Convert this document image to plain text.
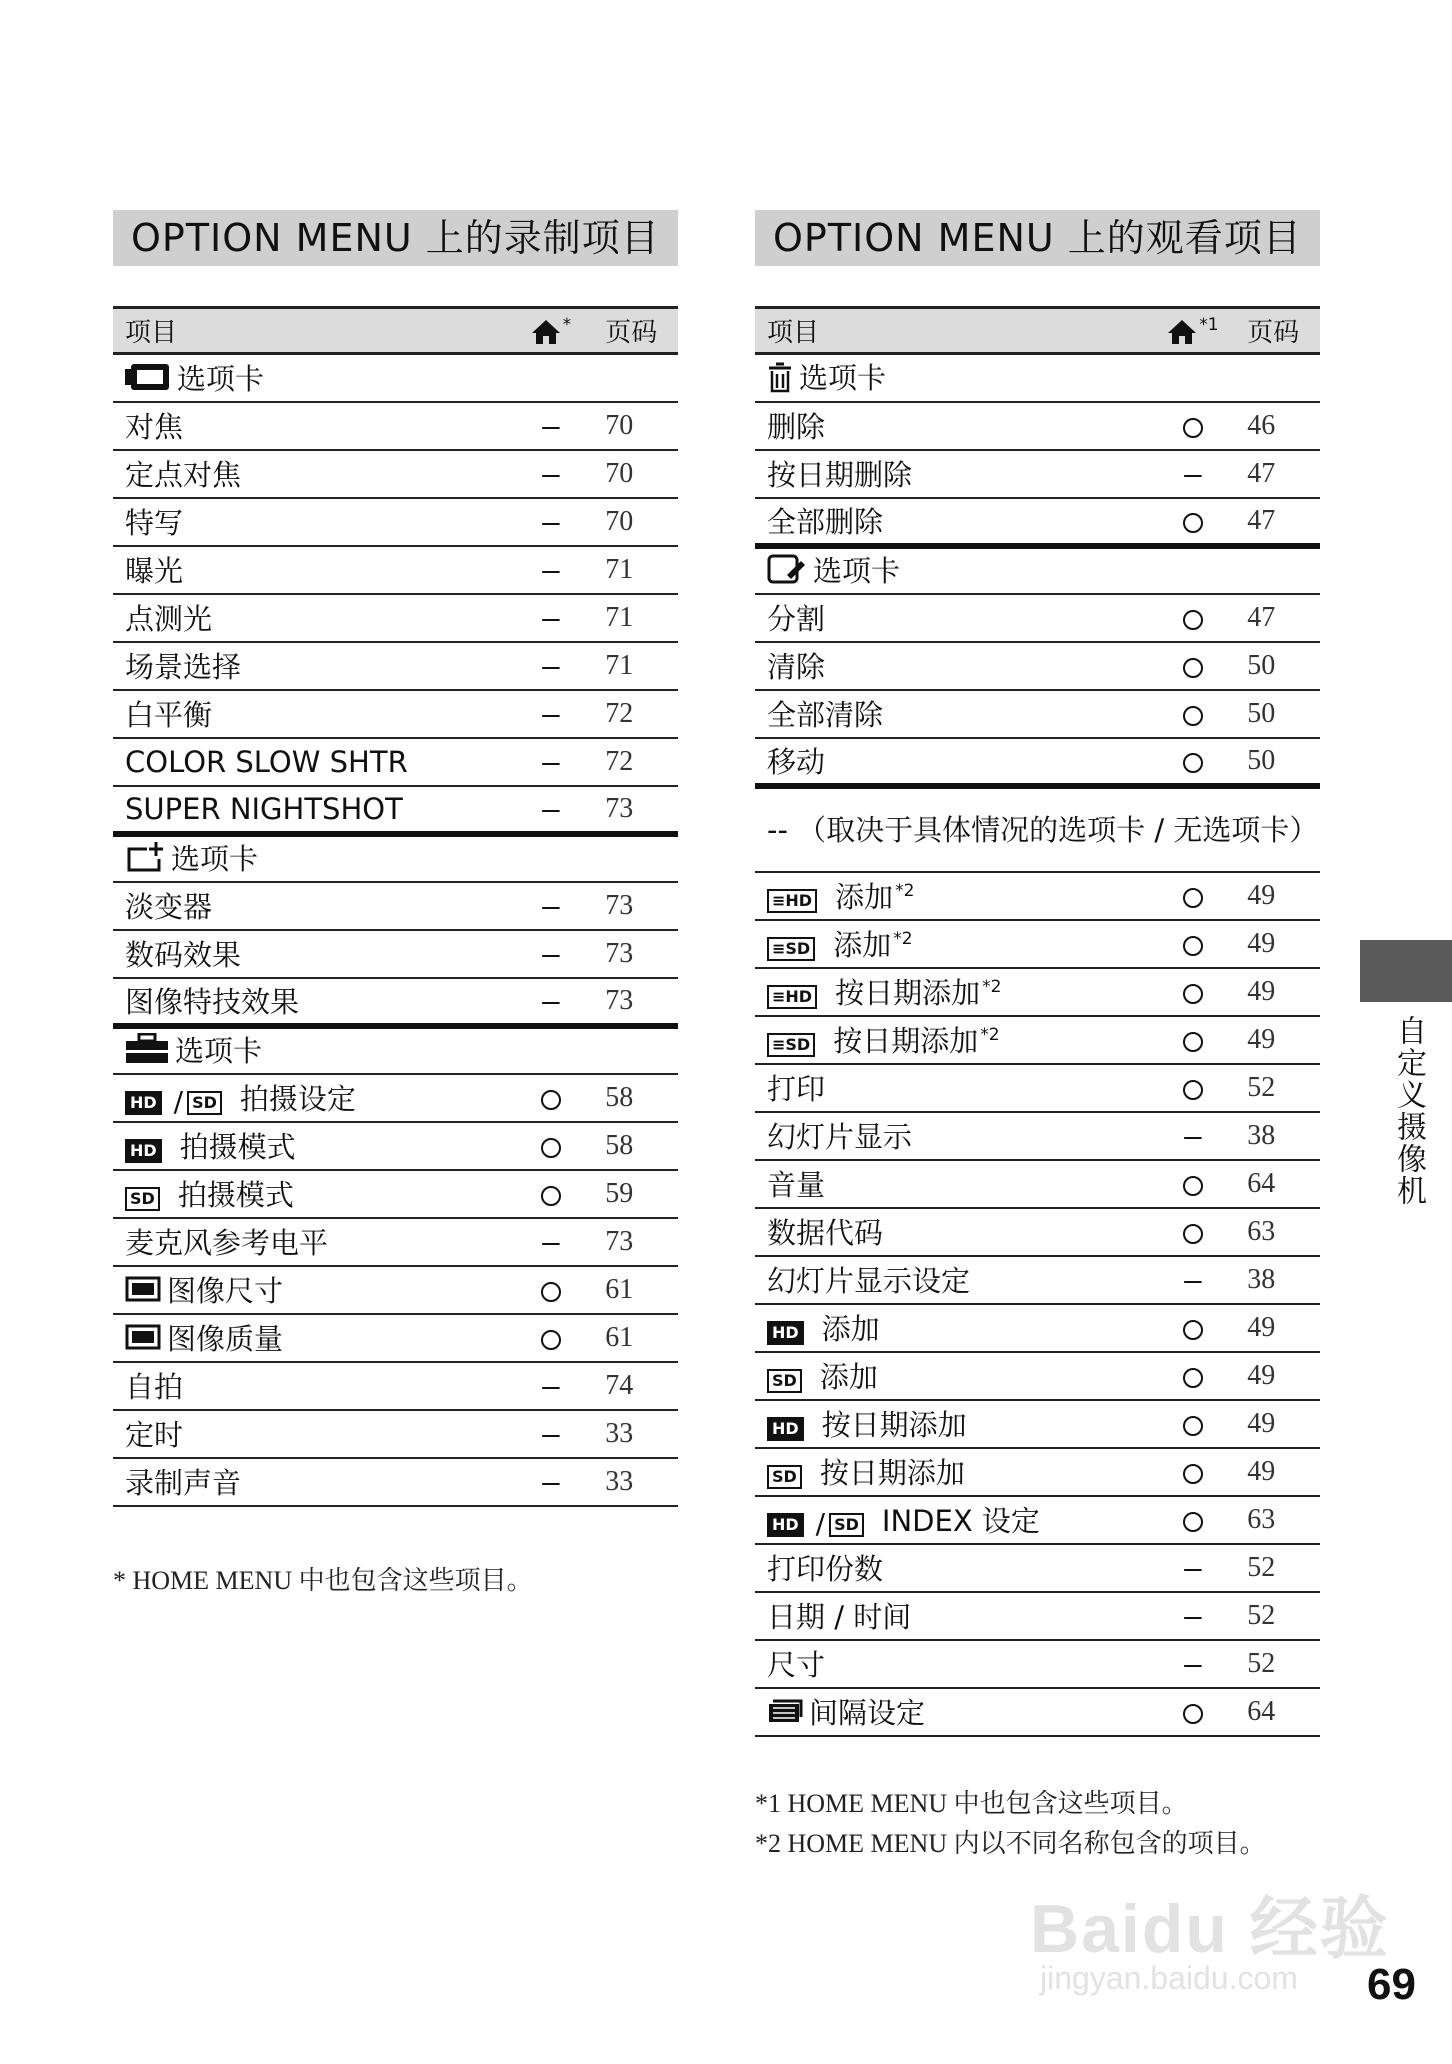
OPTION MENU 上的录制项目
项目	*	页码
选项卡		
对焦	–	70
定点对焦	–	70
特写	–	70
曝光	–	71
点测光	–	71
场景选择	–	71
白平衡	–	72
COLOR SLOW SHTR	–	72
SUPER NIGHTSHOT	–	73
选项卡		
淡变器	–	73
数码效果	–	73
图像特技效果	–	73
选项卡		
HD / SD 拍摄设定		58
HD 拍摄模式		58
SD 拍摄模式		59
麦克风参考电平	–	73
图像尺寸		61
图像质量		61
自拍	–	74
定时	–	33
录制声音	–	33
OPTION MENU 上的观看项目
项目	$^{*1}$	页码
选项卡		
删除		46
按日期删除	–	47
全部删除		47
选项卡		
分割		47
清除		50
全部清除		50
移动		50
-- （取决于具体情况的选项卡 / 无选项卡）		
≡HD 添加 $^{*2}$		49
≡SD 添加 $^{*2}$		49
≡HD 按日期添加 $^{*2}$		49
≡SD 按日期添加 $^{*2}$		49
打印		52
幻灯片显示	–	38
音量		64
数据代码		63
幻灯片显示设定	–	38
HD 添加		49
SD 添加		49
HD 按日期添加		49
SD 按日期添加		49
HD / SD INDEX 设定		63
打印份数	–	52
日期 / 时间	–	52
尺寸	–	52
间隔设定		64
* HOME MENU 中也包含这些项目。
*1 HOME MENU 中也包含这些项目。
*2 HOME MENU 内以不同名称包含的项目。
自定义摄像机
Baidu 经验
jingyan.baidu.com 69
